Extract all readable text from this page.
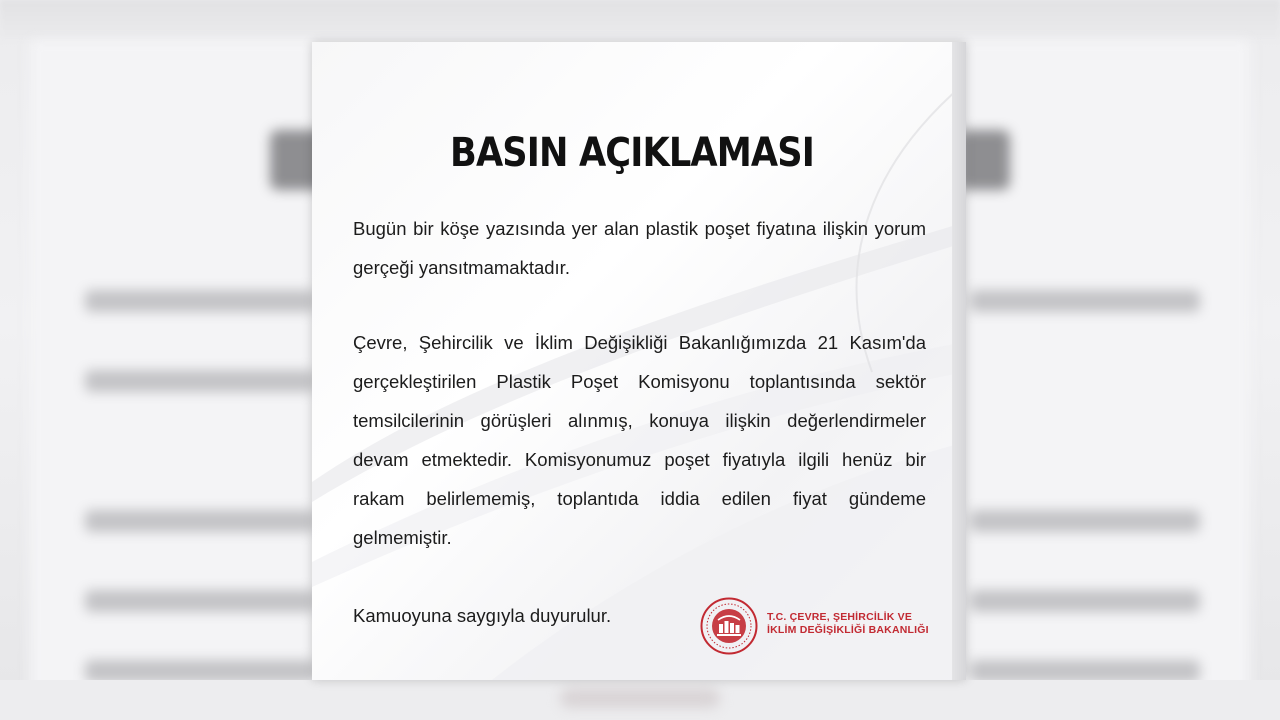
BASIN AÇIKLAMASI
Bugün bir köşe yazısında yer alan plastik poşet fiyatına ilişkin yorum gerçeği yansıtmamaktadır.
Çevre, Şehircilik ve İklim Değişikliği Bakanlığımızda 21 Kasım'da gerçekleştirilen Plastik Poşet Komisyonu toplantısında sektör temsilcilerinin görüşleri alınmış, konuya ilişkin değerlendirmeler devam etmektedir. Komisyonumuz poşet fiyatıyla ilgili henüz bir rakam belirlememiş, toplantıda iddia edilen fiyat gündeme gelmemiştir.
Kamuoyuna saygıyla duyurulur.	T.C. ÇEVRE, ŞEHİRCİLİK VE
İKLİM DEĞİŞİKLİĞİ BAKANLIĞI
